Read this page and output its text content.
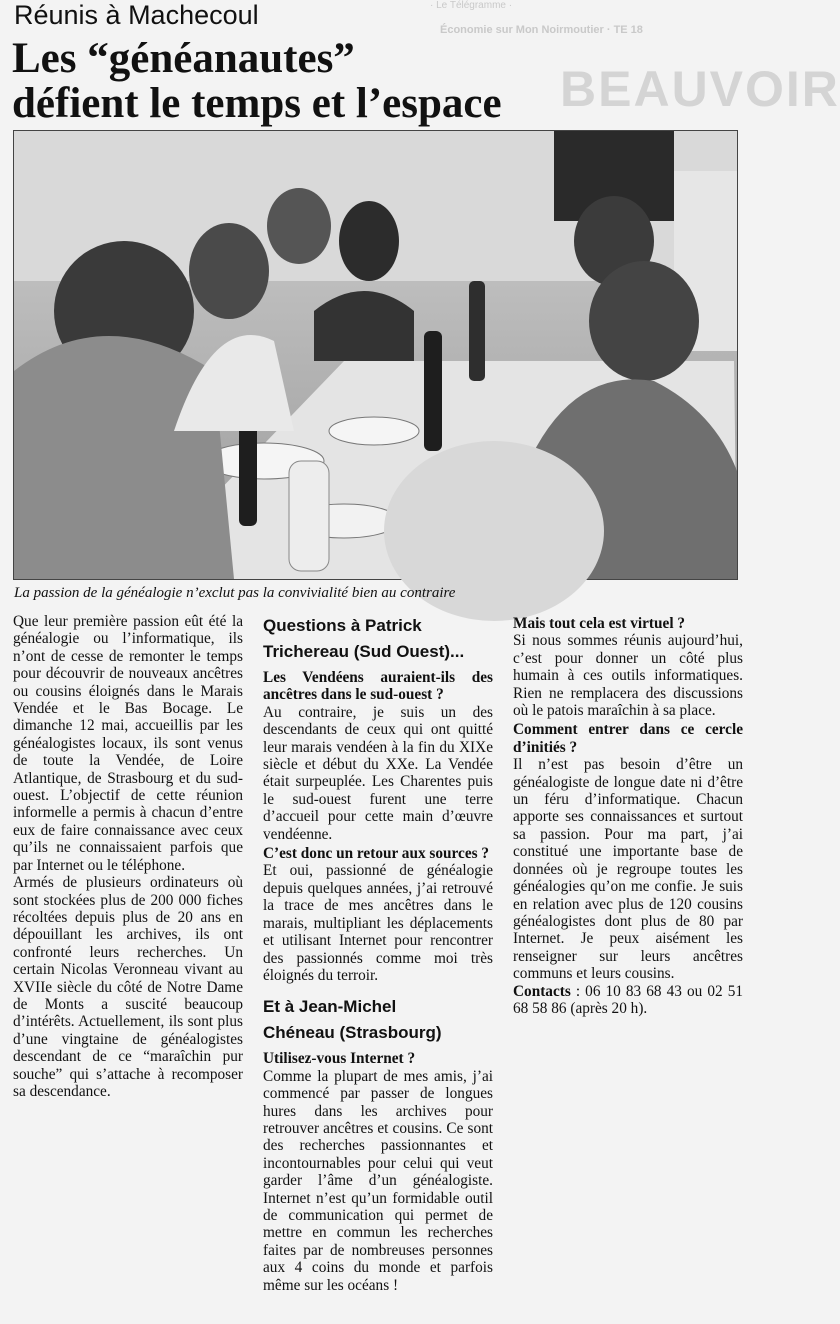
· Le Télégramme ·
Économie sur Mon Noirmoutier · TE 18
BEAUVOIR
Réunis à Machecoul
Les “généanautes”
défient le temps et l’espace
La passion de la généalogie n’exclut pas la convivialité bien au contraire

Que leur première passion eût été la généalogie ou l’informatique, ils n’ont de cesse de remonter le temps pour découvrir de nouveaux ancêtres ou cousins éloignés dans le Marais Vendée et le Bas Bocage. Le dimanche 12 mai, accueillis par les généalogistes locaux, ils sont venus de toute la Vendée, de Loire Atlantique, de Strasbourg et du sud-ouest. L’objectif de cette réunion informelle a permis à chacun d’entre eux de faire connaissance avec ceux qu’ils ne connaissaient parfois que par Internet ou le téléphone.

Armés de plusieurs ordinateurs où sont stockées plus de 200 000 fiches récoltées depuis plus de 20 ans en dépouillant les archives, ils ont confronté leurs recherches. Un certain Nicolas Veronneau vivant au XVIIe siècle du côté de Notre Dame de Monts a suscité beaucoup d’intérêts. Actuellement, ils sont plus d’une vingtaine de généalogistes descendant de ce “maraîchin pur souche” qui s’attache à recomposer sa descendance.

Questions à Patrick
Trichereau (Sud Ouest)...

Les Vendéens auraient-ils des ancêtres dans le sud-ouest ?

Au contraire, je suis un des descendants de ceux qui ont quitté leur marais vendéen à la fin du XIXe siècle et début du XXe. La Vendée était surpeuplée. Les Charentes puis le sud-ouest furent une terre d’accueil pour cette main d’œuvre vendéenne.

C’est donc un retour aux sources ?

Et oui, passionné de généalogie depuis quelques années, j’ai retrouvé la trace de mes ancêtres dans le marais, multipliant les déplacements et utilisant Internet pour rencontrer des passionnés comme moi très éloignés du terroir.

Et à Jean-Michel
Chéneau (Strasbourg)

Utilisez-vous Internet ?

Comme la plupart de mes amis, j’ai commencé par passer de longues hures dans les archives pour retrouver ancêtres et cousins. Ce sont des recherches passionnantes et incontournables pour celui qui veut garder l’âme d’un généalogiste. Internet n’est qu’un formidable outil de communication qui permet de mettre en commun les recherches faites par de nombreuses personnes aux 4 coins du monde et parfois même sur les océans !

Mais tout cela est virtuel ?

Si nous sommes réunis aujourd’hui, c’est pour donner un côté plus humain à ces outils informatiques. Rien ne remplacera des discussions où le patois maraîchin à sa place.

Comment entrer dans ce cercle d’initiés ?

Il n’est pas besoin d’être un généalogiste de longue date ni d’être un féru d’informatique. Chacun apporte ses connaissances et surtout sa passion. Pour ma part, j’ai constitué une importante base de données où je regroupe toutes les généalogies qu’on me confie. Je suis en relation avec plus de 120 cousins généalogistes dont plus de 80 par Internet. Je peux aisément les renseigner sur leurs ancêtres communs et leurs cousins.

Contacts : 06 10 83 68 43 ou 02 51 68 58 86 (après 20 h).
